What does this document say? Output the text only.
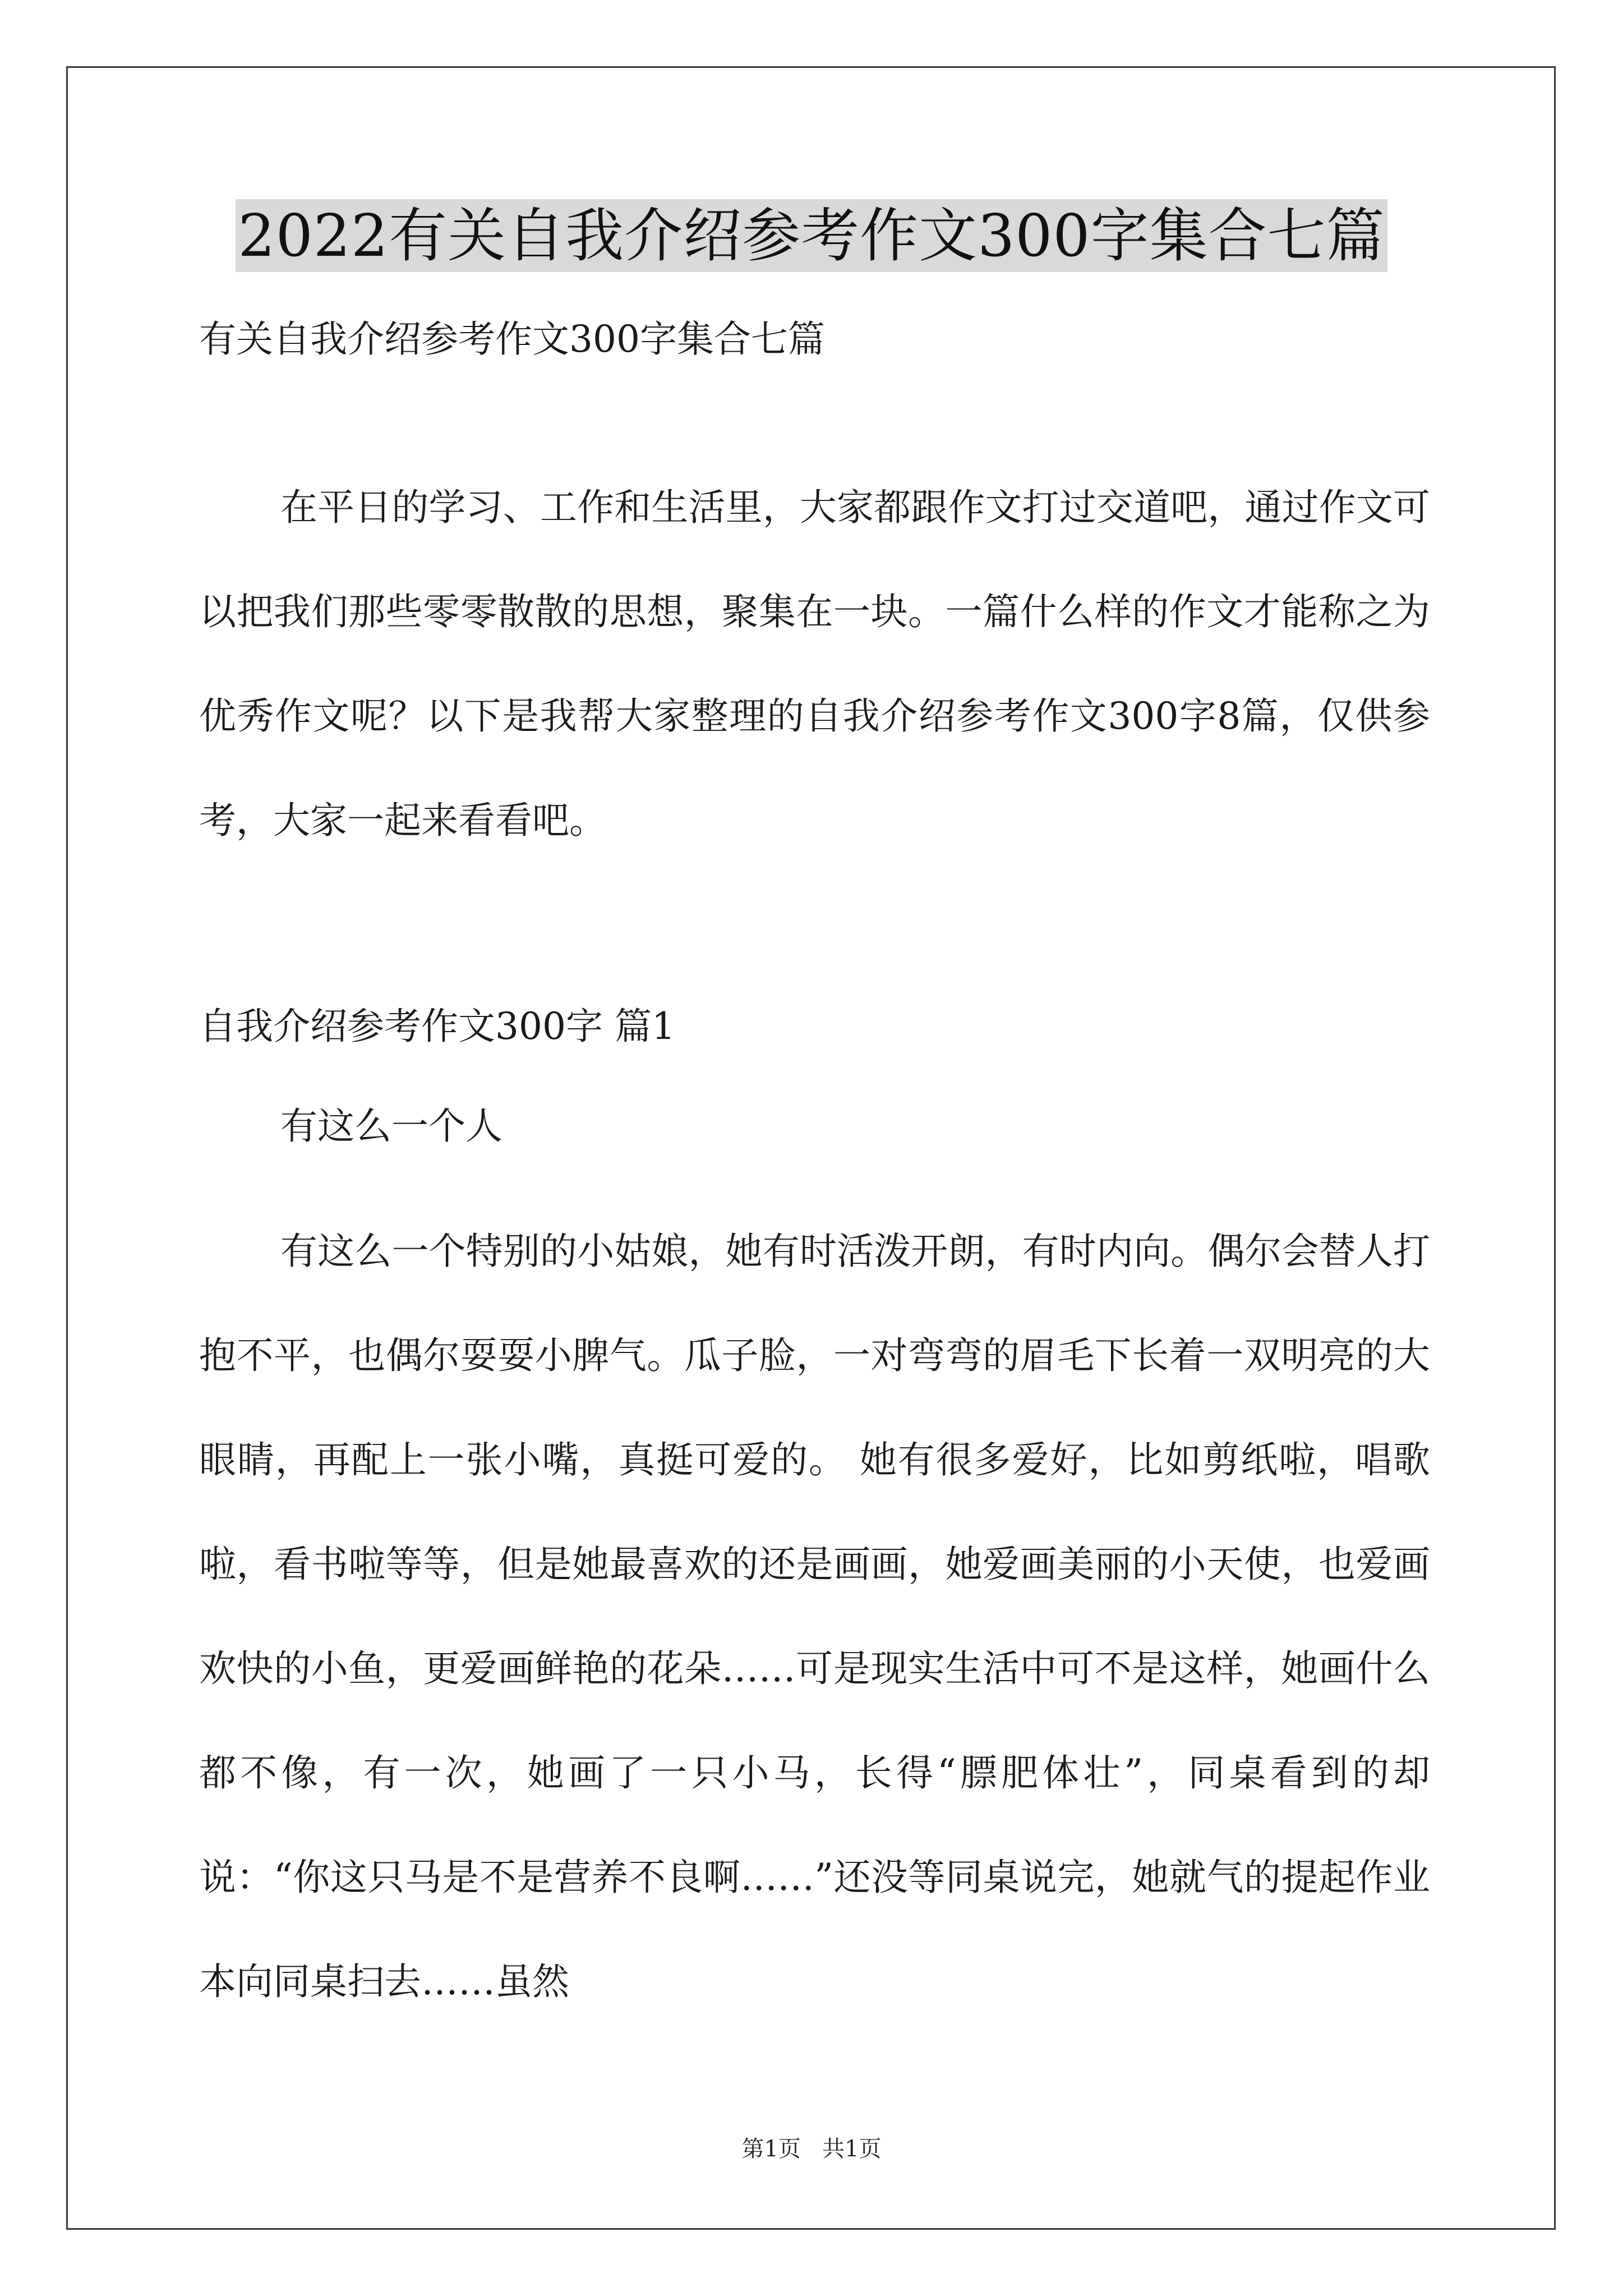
2022有关自我介绍参考作文300字集合七篇
有关自我介绍参考作文300字集合七篇
在平日的学习、工作和生活里，大家都跟作文打过交道吧，通过作文可以把我们那些零零散散的思想，聚集在一块。一篇什么样的作文才能称之为优秀作文呢？以下是我帮大家整理的自我介绍参考作文300字8篇，仅供参考，大家一起来看看吧。
自我介绍参考作文300字 篇1
有这么一个人
有这么一个特别的小姑娘，她有时活泼开朗，有时内向。偶尔会替人打抱不平，也偶尔耍耍小脾气。瓜子脸，一对弯弯的眉毛下长着一双明亮的大眼睛，再配上一张小嘴，真挺可爱的。 她有很多爱好，比如剪纸啦，唱歌啦，看书啦等等，但是她最喜欢的还是画画，她爱画美丽的小天使，也爱画欢快的小鱼，更爱画鲜艳的花朵……可是现实生活中可不是这样，她画什么都不像，有一次，她画了一只小马，长得“膘肥体壮”，同桌看到的却说：“你这只马是不是营养不良啊……”还没等同桌说完，她就气的提起作业本向同桌扫去……虽然
第1页   共1页
